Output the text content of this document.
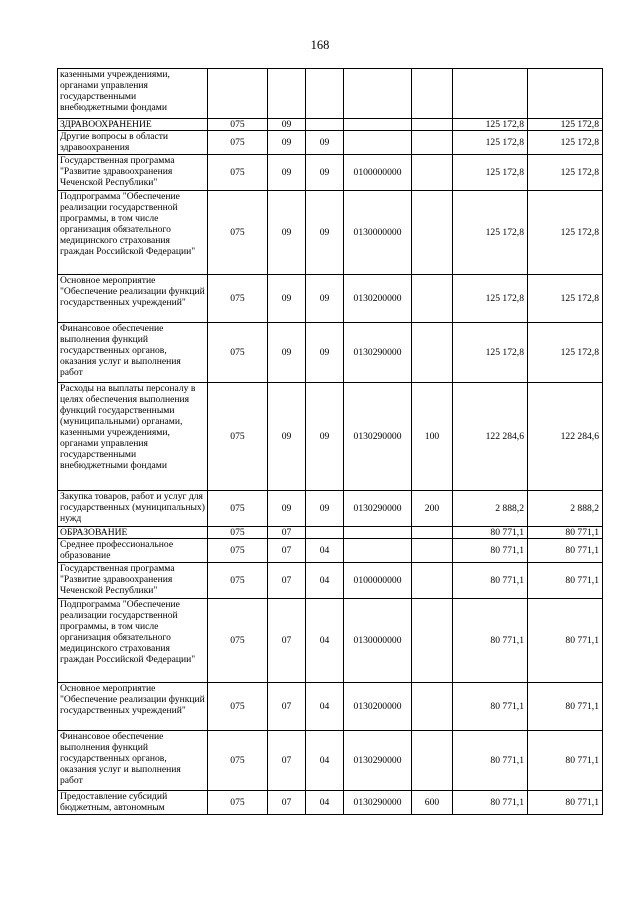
168
казенными учреждениями, органами управления государственными внебюджетными фондами							
ЗДРАВООХРАНЕНИЕ	075	09				125 172,8	125 172,8
Другие вопросы в области здравоохранения	075	09	09			125 172,8	125 172,8
Государственная программа "Развитие здравоохранения Чеченской Республики"	075	09	09	0100000000		125 172,8	125 172,8
Подпрограмма "Обеспечение реализации государственной программы, в том числе организация обязательного медицинского страхования граждан Российской Федерации"	075	09	09	0130000000		125 172,8	125 172,8
Основное мероприятие "Обеспечение реализации функций государственных учреждений"	075	09	09	0130200000		125 172,8	125 172,8
Финансовое обеспечение выполнения функций государственных органов, оказания услуг и выполнения работ	075	09	09	0130290000		125 172,8	125 172,8
Расходы на выплаты персоналу в целях обеспечения выполнения функций государственными (муниципальными) органами, казенными учреждениями, органами управления государственными внебюджетными фондами	075	09	09	0130290000	100	122 284,6	122 284,6
Закупка товаров, работ и услуг для государственных (муниципальных) нужд	075	09	09	0130290000	200	2 888,2	2 888,2
ОБРАЗОВАНИЕ	075	07				80 771,1	80 771,1
Среднее профессиональное образование	075	07	04			80 771,1	80 771,1
Государственная программа "Развитие здравоохранения Чеченской Республики"	075	07	04	0100000000		80 771,1	80 771,1
Подпрограмма "Обеспечение реализации государственной программы, в том числе организация обязательного медицинского страхования граждан Российской Федерации"	075	07	04	0130000000		80 771,1	80 771,1
Основное мероприятие "Обеспечение реализации функций государственных учреждений"	075	07	04	0130200000		80 771,1	80 771,1
Финансовое обеспечение выполнения функций государственных органов, оказания услуг и выполнения работ	075	07	04	0130290000		80 771,1	80 771,1
Предоставление субсидий бюджетным, автономным	075	07	04	0130290000	600	80 771,1	80 771,1
